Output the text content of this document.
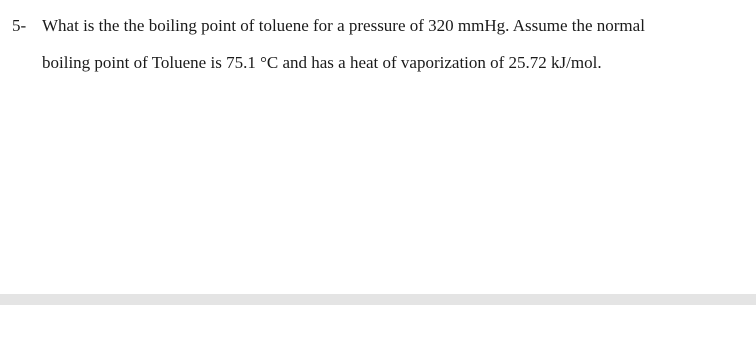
5- What is the the boiling point of toluene for a pressure of 320 mmHg. Assume the normal
boiling point of Toluene is 75.1 °C and has a heat of vaporization of 25.72 kJ/mol.
